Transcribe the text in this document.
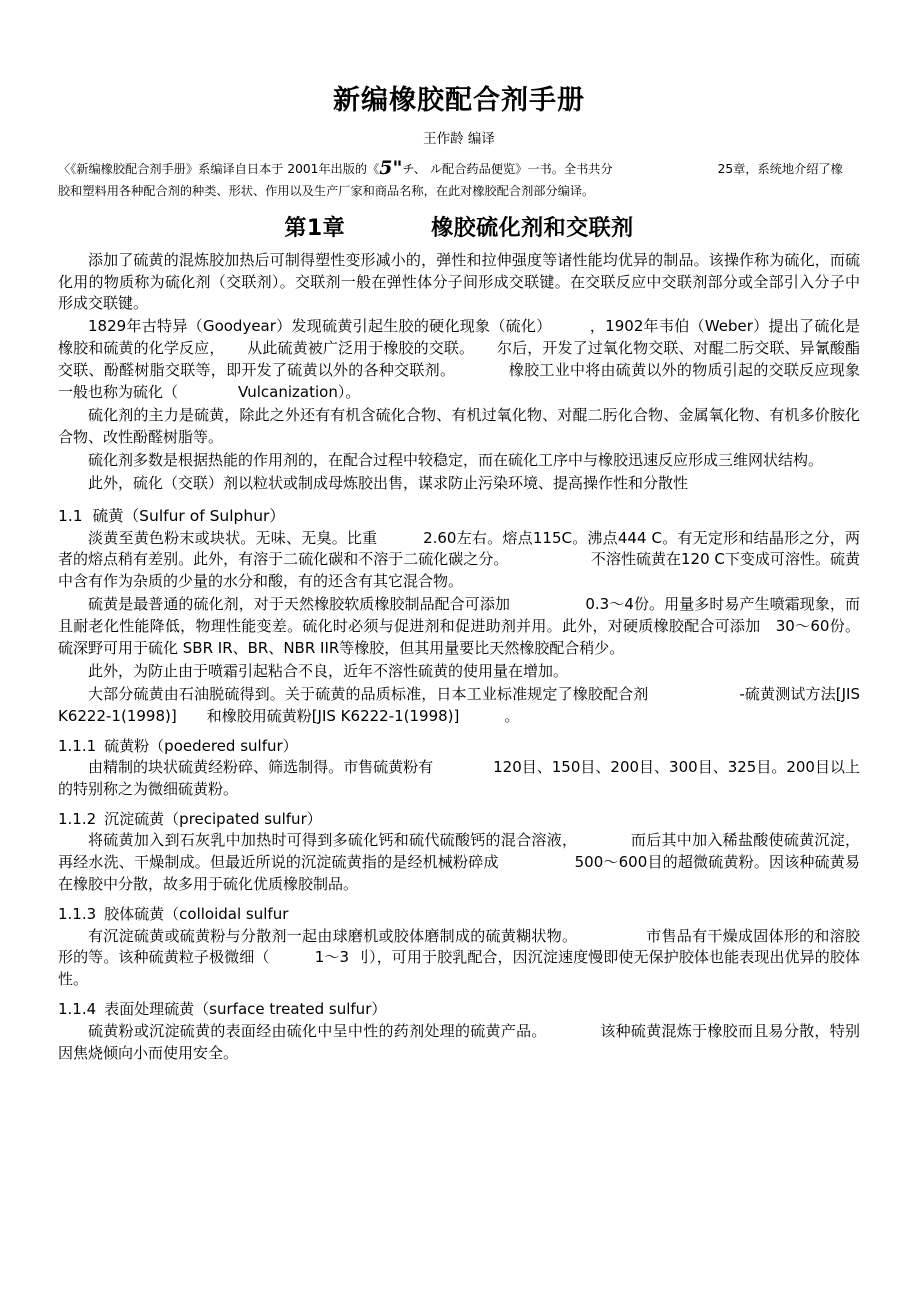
新编橡胶配合剂手册
王作龄 编译
〈《新编橡胶配合剂手册》系编译自日本于 2001年出版的《5"チ、 ル配合药品便览》一书。全书共分	25章，系统地介绍了橡
胶和塑料用各种配合剂的种类、形状、作用以及生产厂家和商品名称，在此对橡胶配合剂部分编译。
第1章	橡胶硫化剂和交联剂

添加了硫黄的混炼胶加热后可制得塑性变形减小的，弹性和拉伸强度等诸性能均优异的制品。该操作称为硫化，而硫化用的物质称为硫化剂（交联剂）。交联剂一般在弹性体分子间形成交联键。在交联反应中交联剂部分或全部引入分子中形成交联键。

1829年古特异（Goodyear）发现硫黄引起生胶的硬化现象（硫化）　　　，1902年韦伯（Weber）提出了硫化是橡胶和硫黄的化学反应，　　从此硫黄被广泛用于橡胶的交联。　　尔后，开发了过氧化物交联、对醌二肟交联、异氰酸酯交联、酚醛树脂交联等，即开发了硫黄以外的各种交联剂。　　　　橡胶工业中将由硫黄以外的物质引起的交联反应现象一般也称为硫化（　　　　Vulcanization）。

硫化剂的主力是硫黄，除此之外还有有机含硫化合物、有机过氧化物、对醌二肟化合物、金属氧化物、有机多价胺化合物、改性酚醛树脂等。

硫化剂多数是根据热能的作用剂的，在配合过程中较稳定，而在硫化工序中与橡胶迅速反应形成三维网状结构。

此外，硫化（交联）剂以粒状或制成母炼胶出售，谋求防止污染环境、提高操作性和分散性

1.1 硫黄（Sulfur of Sulphur）

淡黄至黄色粉末或块状。无味、无臭。比重　　　2.60左右。熔点115C。沸点444 C。有无定形和结晶形之分，两者的熔点稍有差别。此外，有溶于二硫化碳和不溶于二硫化碳之分。　　　　　　不溶性硫黄在120 C下变成可溶性。硫黄中含有作为杂质的少量的水分和酸，有的还含有其它混合物。

硫黄是最普通的硫化剂，对于天然橡胶软质橡胶制品配合可添加　　　　　0.3～4份。用量多时易产生喷霜现象，而且耐老化性能降低，物理性能变差。硫化时必须与促进剂和促进助剂并用。此外，对硬质橡胶配合可添加　30～60份。硫深野可用于硫化 SBR IR、BR、NBR IIR等橡胶，但其用量要比天然橡胶配合稍少。

此外，为防止由于喷霜引起粘合不良，近年不溶性硫黄的使用量在增加。

大部分硫黄由石油脱硫得到。关于硫黄的品质标准，日本工业标准规定了橡胶配合剂　　　　　　-硫黄测试方法[JIS K6222-1(1998)]　　和橡胶用硫黄粉[JIS K6222-1(1998)]　　　。

1.1.1 硫黄粉（poedered sulfur）

由精制的块状硫黄经粉碎、筛选制得。市售硫黄粉有　　　　120目、150目、200目、300目、325目。200目以上的特别称之为微细硫黄粉。

1.1.2 沉淀硫黄（precipated sulfur）

将硫黄加入到石灰乳中加热时可得到多硫化钙和硫代硫酸钙的混合溶液，　　　　而后其中加入稀盐酸使硫黄沉淀，再经水洗、干燥制成。但最近所说的沉淀硫黄指的是经机械粉碎成　　　　　500～600目的超微硫黄粉。因该种硫黄易在橡胶中分散，故多用于硫化优质橡胶制品。

1.1.3 胶体硫黄（colloidal sulfur

有沉淀硫黄或硫黄粉与分散剂一起由球磨机或胶体磨制成的硫黄糊状物。　　　　　市售品有干燥成固体形的和溶胶形的等。该种硫黄粒子极微细（　　　1～3 刂），可用于胶乳配合，因沉淀速度慢即使无保护胶体也能表现出优异的胶体性。

1.1.4 表面处理硫黄（surface treated sulfur）

硫黄粉或沉淀硫黄的表面经由硫化中呈中性的药剂处理的硫黄产品。　　　　该种硫黄混炼于橡胶而且易分散，特别因焦烧倾向小而使用安全。
